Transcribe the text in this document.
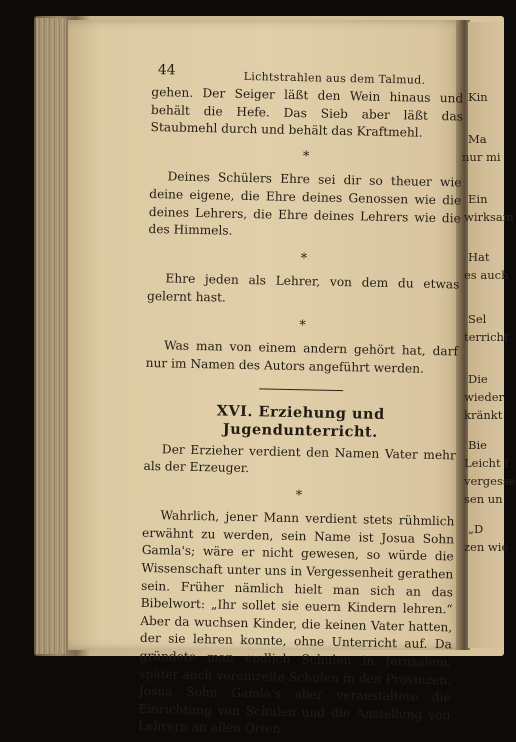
Kin
Ma
nur mi
Ein
wirksam
Hat
es auch
Sel
terricht
Die
wieder
kränkt
Bie
Leicht f
vergesse
sen un
„D
zen wie
44	Lichtstrahlen aus dem Talmud.

gehen. Der Seiger läßt den Wein hinaus und behält die Hefe. Das Sieb aber läßt das Staubmehl durch und behält das Kraftmehl.

*

Deines Schülers Ehre sei dir so theuer wie deine eigene, die Ehre deines Genossen wie die deines Lehrers, die Ehre deines Lehrers wie die des Himmels.

*

Ehre jeden als Lehrer, von dem du etwas gelernt hast.

*

Was man von einem andern gehört hat, darf nur im Namen des Autors angeführt werden.

XVI. Erziehung und Jugendunterricht.

Der Erzieher verdient den Namen Vater mehr als der Erzeuger.

*

Wahrlich, jener Mann verdient stets rühmlich erwähnt zu werden, sein Name ist Josua Sohn Gamla's; wäre er nicht gewesen, so würde die Wissenschaft unter uns in Vergessenheit gerathen sein. Früher nämlich hielt man sich an das Bibelwort: „Ihr sollet sie euern Kindern lehren.“ Aber da wuchsen Kinder, die keinen Vater hatten, der sie lehren konnte, ohne Unterricht auf. Da gründete man endlich Schulen in Jerusalem; später auch vereinzelte Schulen in den Provinzen. Josua Sohn Gamla's aber veranstaltete die Einrichtung von Schulen und die Anstellung von Lehrern an allen Orten.
